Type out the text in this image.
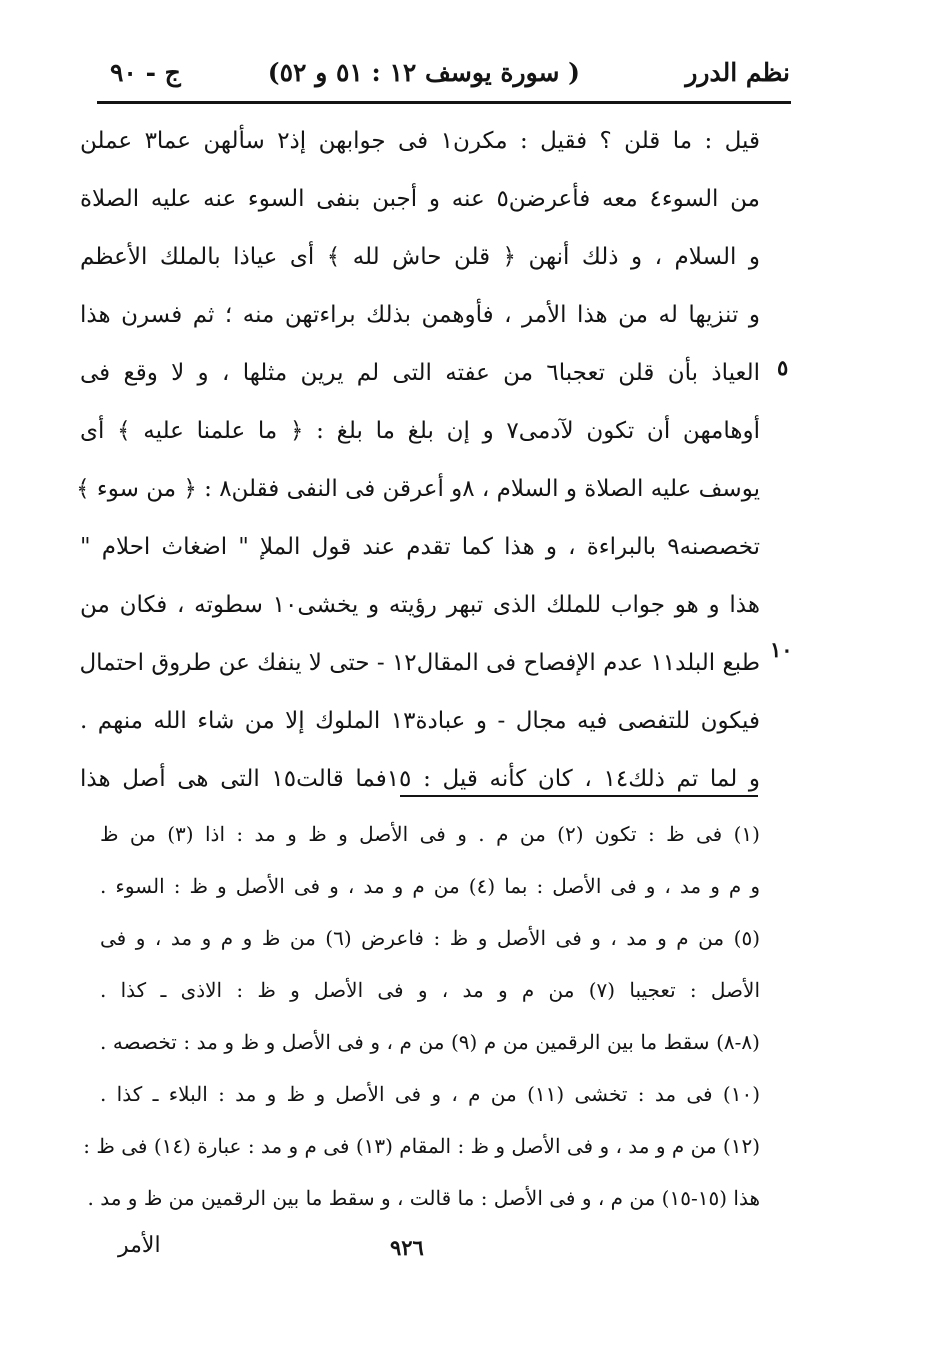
نظم الدرر
( سورة يوسف ١٢ : ٥١ و ٥٢)
ج - ٩٠
قيل : ما قلن ؟ فقيل : مكرن١ فى جوابهن إذ٢ سألهن عما٣ عملن
من السوء٤ معه فأعرضن٥ عنه و أجبن بنفى السوء عنه عليه الصلاة
و السلام ، و ذلك أنهن ﴿ قلن حاش لله ﴾ أى عياذا بالملك الأعظم
و تنزيها له من هذا الأمر ، فأوهمن بذلك براءتهن منه ؛ ثم فسرن هذا
العياذ بأن قلن تعجبا٦ من عفته التى لم يرين مثلها ، و لا وقع فى
أوهامهن أن تكون لآدمى٧ و إن بلغ ما بلغ : ﴿ ما علمنا عليه ﴾ أى
يوسف عليه الصلاة و السلام ، ٨و أعرقن فى النفى فقلن٨ : ﴿ من سوء ﴾
تخصصنه٩ بالبراءة ، و هذا كما تقدم عند قول الملإ " اضغاث احلام "
هذا و هو جواب للملك الذى تبهر رؤيته و يخشى١٠ سطوته ، فكان من
طبع البلد١١ عدم الإفصاح فى المقال١٢ - حتى لا ينفك عن طروق احتمال
فيكون للتفصى فيه مجال - و عبادة١٣ الملوك إلا من شاء الله منهم .
و لما تم ذلك١٤ ، كان كأنه قيل : ١٥فما قالت١٥ التى هى أصل هذا
٥
١٠
(١) فى ظ : تكون (٢) من م . و فى الأصل و ظ و مد : اذا (٣) من ظ
و م و مد ، و فى الأصل : بما (٤) من م و مد ، و فى الأصل و ظ : السوء .
(٥) من م و مد ، و فى الأصل و ظ : فاعرض (٦) من ظ و م و مد ، و فى
الأصل : تعجيبا (٧) من م و مد ، و فى الأصل و ظ : الاذى ـ كذا .
(٨-٨) سقط ما بين الرقمين من م (٩) من م ، و فى الأصل و ظ و مد : تخصصه .
(١٠) فى مد : تخشى (١١) من م ، و فى الأصل و ظ و مد : البلاء ـ كذا .
(١٢) من م و مد ، و فى الأصل و ظ : المقام (١٣) فى م و مد : عبارة (١٤) فى ظ :
هذا (١٥-١٥) من م ، و فى الأصل : ما قالت ، و سقط ما بين الرقمين من ظ و مد .
٩٢٦
الأمر
